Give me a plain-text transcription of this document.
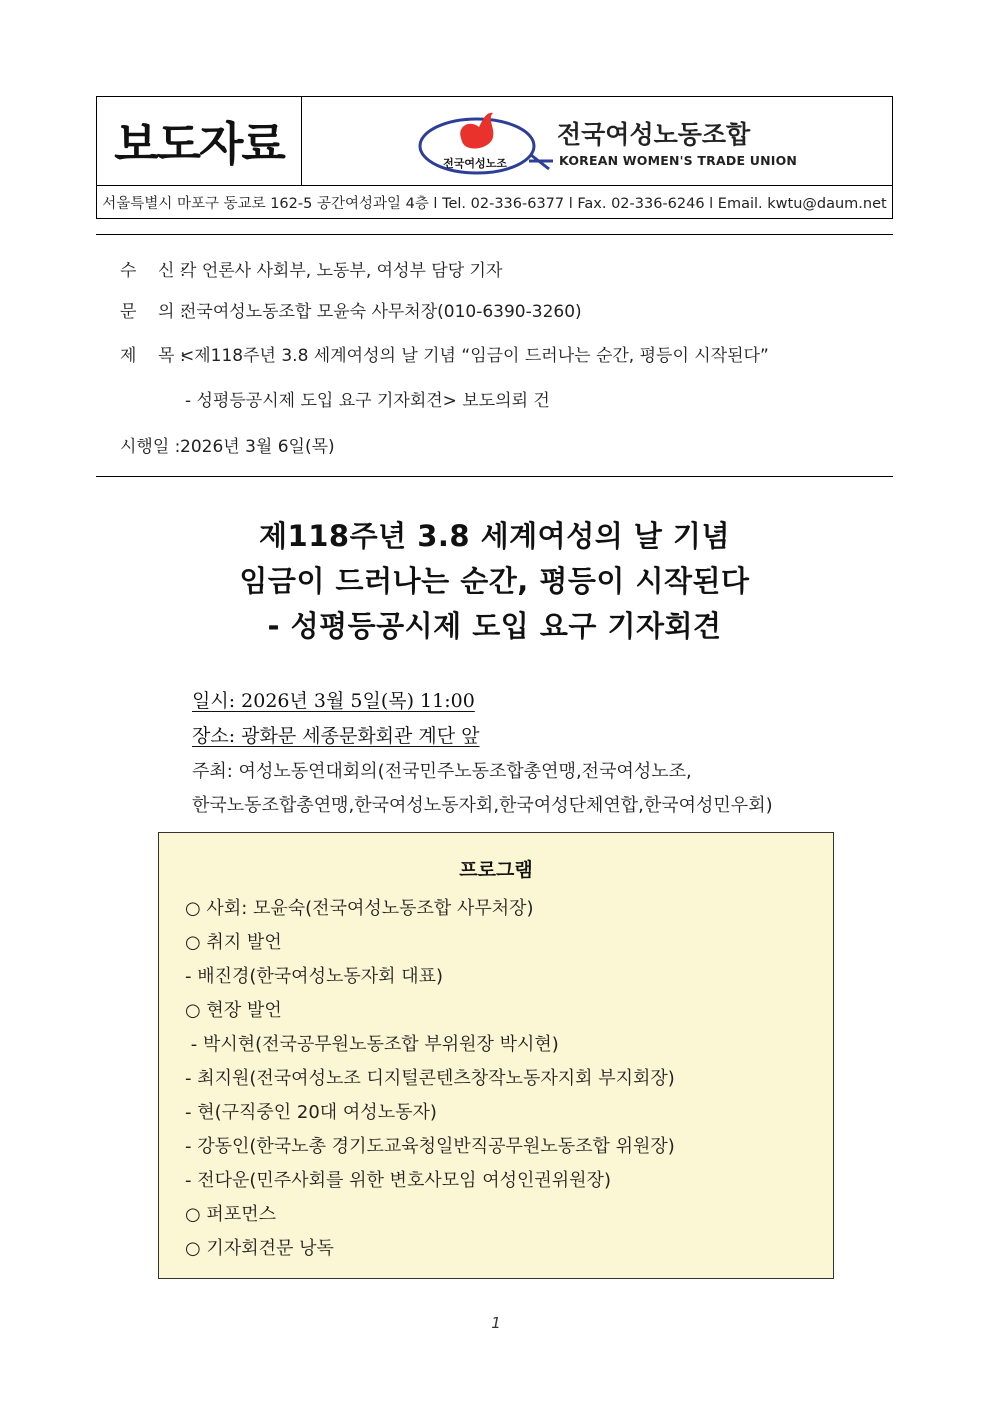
보도자료	전국여성노조
전국여성노동조합
KOREAN WOMEN'S TRADE UNION
서울특별시 마포구 동교로 162-5 공간여성과일 4층 l Tel. 02-336-6377 l Fax. 02-336-6246 l Email. kwtu@daum.net
수    신 :각 언론사 사회부, 노동부, 여성부 담당 기자
문    의 :전국여성노동조합 모윤숙 사무처장(010-6390-3260)
제    목 :<제118주년 3.8 세계여성의 날 기념 “임금이 드러나는 순간, 평등이 시작된다”
- 성평등공시제 도입 요구 기자회견> 보도의뢰 건
시행일 :2026년 3월 6일(목)
제118주년 3.8 세계여성의 날 기념
임금이 드러나는 순간, 평등이 시작된다
- 성평등공시제 도입 요구 기자회견
일시: 2026년 3월 5일(목) 11:00
장소: 광화문 세종문화회관 계단 앞
주최: 여성노동연대회의(전국민주노동조합총연맹,전국여성노조,
한국노동조합총연맹,한국여성노동자회,한국여성단체연합,한국여성민우회)
프로그램
○ 사회: 모윤숙(전국여성노동조합 사무처장)
○ 취지 발언
- 배진경(한국여성노동자회 대표)
○ 현장 발언
- 박시현(전국공무원노동조합 부위원장 박시현)
- 최지원(전국여성노조 디지털콘텐츠창작노동자지회 부지회장)
- 현(구직중인 20대 여성노동자)
- 강동인(한국노총 경기도교육청일반직공무원노동조합 위원장)
- 전다운(민주사회를 위한 변호사모임 여성인권위원장)
○ 퍼포먼스
○ 기자회견문 낭독
1
